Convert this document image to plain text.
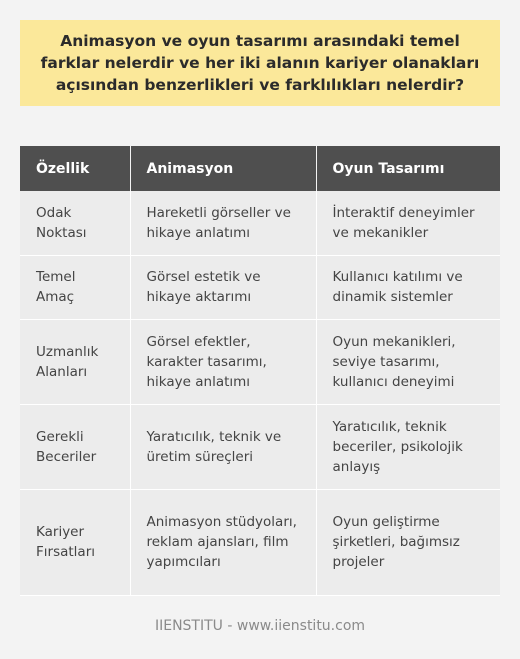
Animasyon ve oyun tasarımı arasındaki temel farklar nelerdir ve her iki alanın kariyer olanakları açısından benzerlikleri ve farklılıkları nelerdir?
Özellik	Animasyon	Oyun Tasarımı
Odak Noktası	Hareketli görseller ve hikaye anlatımı	İnteraktif deneyimler ve mekanikler
Temel Amaç	Görsel estetik ve hikaye aktarımı	Kullanıcı katılımı ve dinamik sistemler
Uzmanlık Alanları	Görsel efektler, karakter tasarımı, hikaye anlatımı	Oyun mekanikleri, seviye tasarımı, kullanıcı deneyimi
Gerekli Beceriler	Yaratıcılık, teknik ve üretim süreçleri	Yaratıcılık, teknik beceriler, psikolojik anlayış
Kariyer Fırsatları	Animasyon stüdyoları, reklam ajansları, film yapımcıları	Oyun geliştirme şirketleri, bağımsız projeler
IIENSTITU - www.iienstitu.com
